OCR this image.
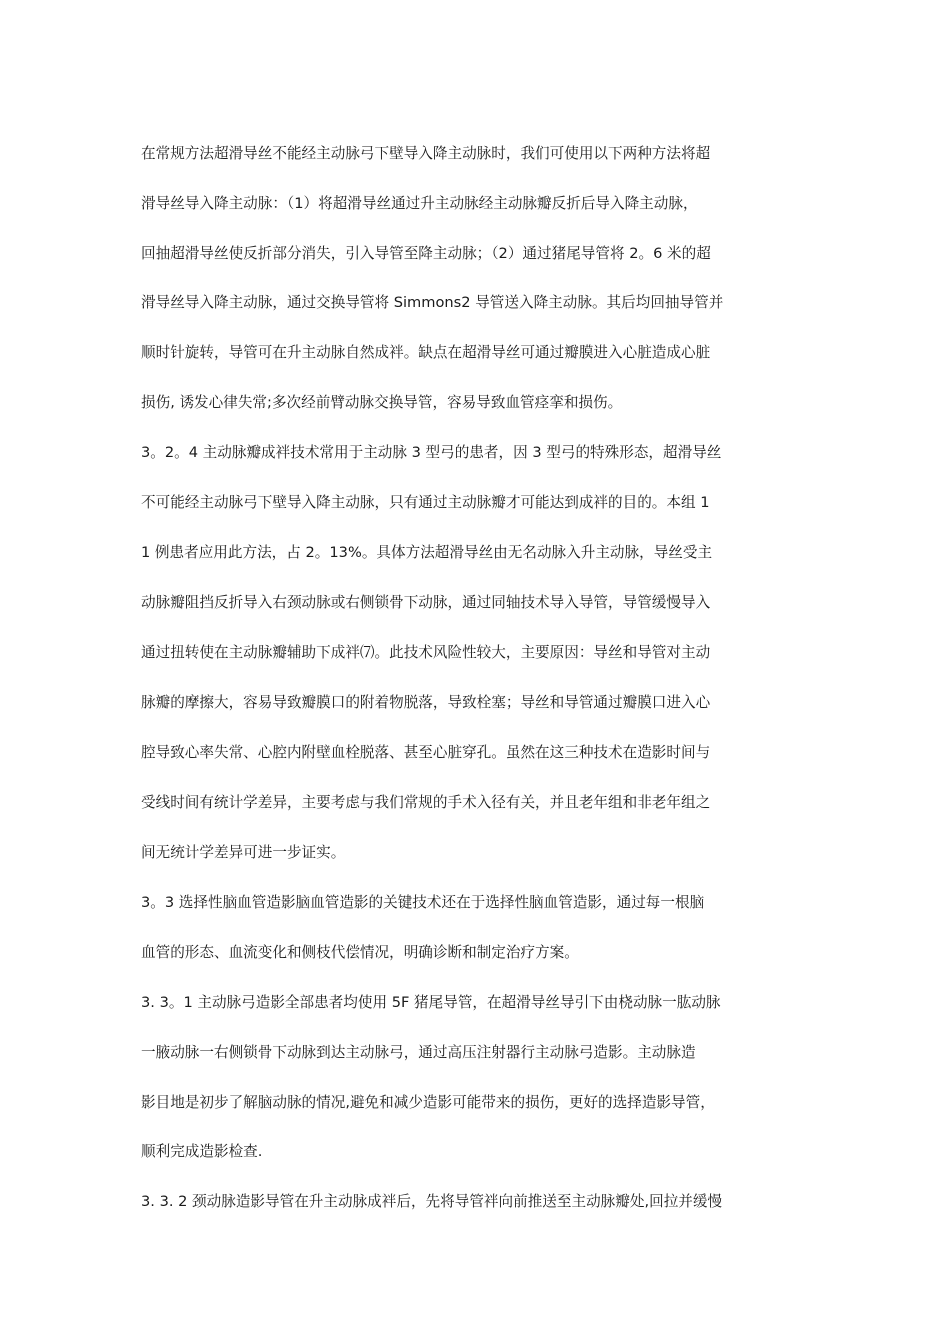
在常规方法超滑导丝不能经主动脉弓下壁导入降主动脉时，我们可使用以下两种方法将超
滑导丝导入降主动脉：（1）将超滑导丝通过升主动脉经主动脉瓣反折后导入降主动脉，
回抽超滑导丝使反折部分消失，引入导管至降主动脉；（2）通过猪尾导管将 2。6 米的超
滑导丝导入降主动脉，通过交换导管将 Simmons2 导管送入降主动脉。其后均回抽导管并
顺时针旋转，导管可在升主动脉自然成袢。缺点在超滑导丝可通过瓣膜进入心脏造成心脏
损伤, 诱发心律失常;多次经前臂动脉交换导管，容易导致血管痉挛和损伤。
3。2。4 主动脉瓣成袢技术常用于主动脉 3 型弓的患者，因 3 型弓的特殊形态，超滑导丝
不可能经主动脉弓下壁导入降主动脉，只有通过主动脉瓣才可能达到成袢的目的。本组 1
1 例患者应用此方法，占 2。13%。具体方法超滑导丝由无名动脉入升主动脉，导丝受主
动脉瓣阻挡反折导入右颈动脉或右侧锁骨下动脉，通过同轴技术导入导管，导管缓慢导入
通过扭转使在主动脉瓣辅助下成袢⑺。此技术风险性较大，主要原因：导丝和导管对主动
脉瓣的摩擦大，容易导致瓣膜口的附着物脱落，导致栓塞；导丝和导管通过瓣膜口进入心
腔导致心率失常、心腔内附壁血栓脱落、甚至心脏穿孔。虽然在这三种技术在造影时间与
受线时间有统计学差异，主要考虑与我们常规的手术入径有关，并且老年组和非老年组之
间无统计学差异可进一步证实。
3。3 选择性脑血管造影脑血管造影的关键技术还在于选择性脑血管造影，通过每一根脑
血管的形态、血流变化和侧枝代偿情况，明确诊断和制定治疗方案。
3. 3。1 主动脉弓造影全部患者均使用 5F 猪尾导管，在超滑导丝导引下由桡动脉一肱动脉
一腋动脉一右侧锁骨下动脉到达主动脉弓，通过高压注射器行主动脉弓造影。主动脉造
影目地是初步了解脑动脉的情况,避免和减少造影可能带来的损伤，更好的选择造影导管，
顺利完成造影检查.
3. 3. 2 颈动脉造影导管在升主动脉成袢后，先将导管袢向前推送至主动脉瓣处,回拉并缓慢
